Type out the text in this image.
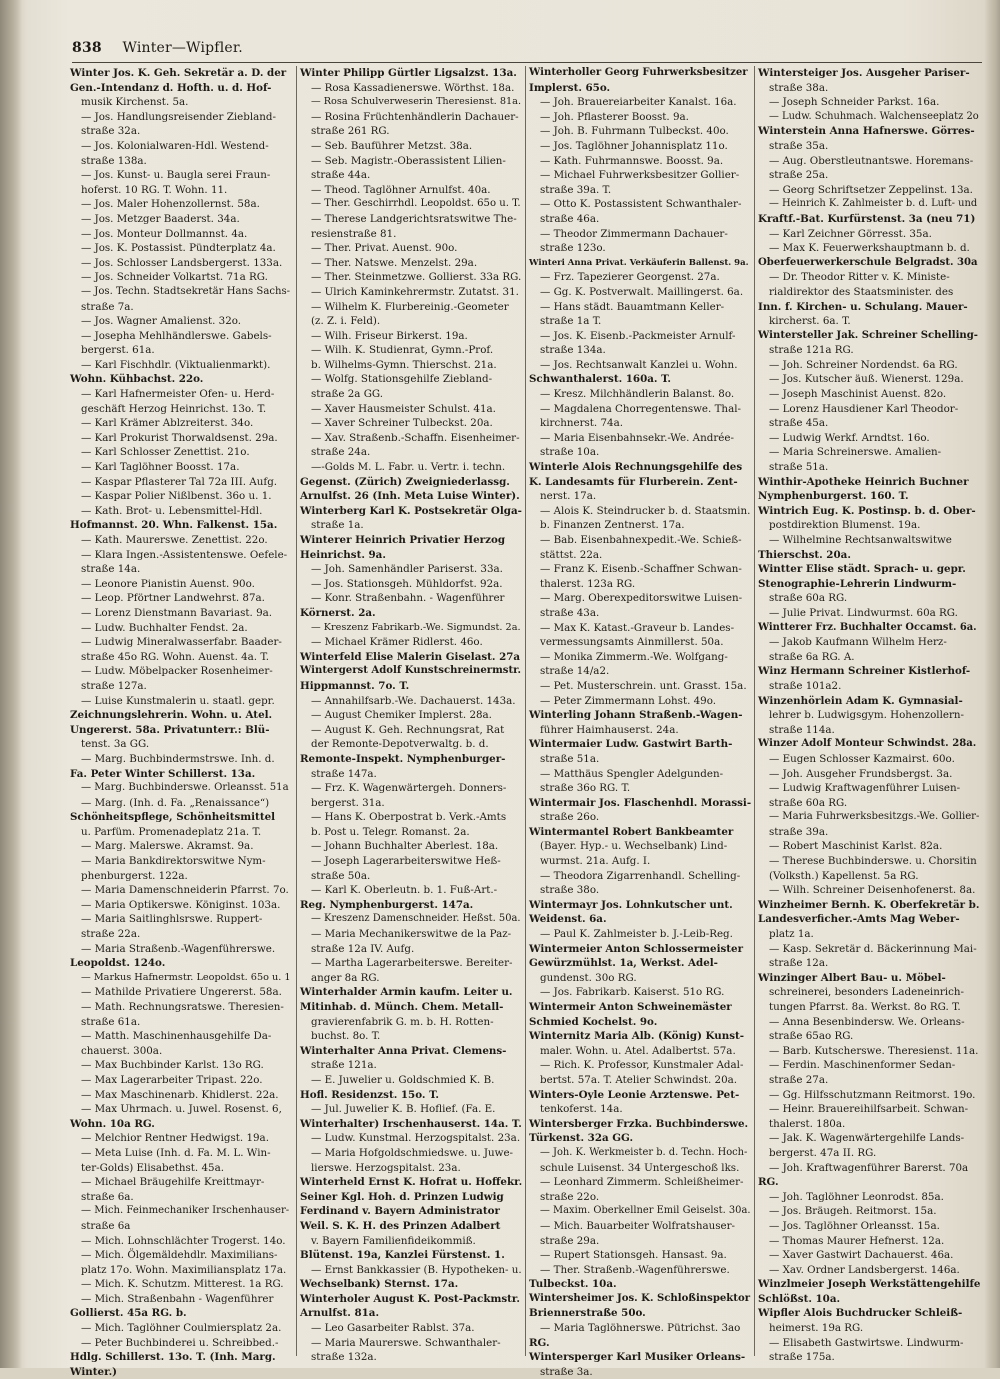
838 Winter—Wipfler.

Winter Jos. K. Geh. Sekretär a. D. der

Gen.-Intendanz d. Hofth. u. d. Hof-

musik Kirchenst. 5a.

— Jos. Handlungsreisender Ziebland-

straße 32a.

— Jos. Kolonialwaren-Hdl. Westend-

straße 138a.

— Jos. Kunst- u. Baugla serei Fraun-

hoferst. 10 RG. T. Wohn. 11.

— Jos. Maler Hohenzollernst. 58a.

— Jos. Metzger Baaderst. 34a.

— Jos. Monteur Dollmannst. 4a.

— Jos. K. Postassist. Pündterplatz 4a.

— Jos. Schlosser Landsbergerst. 133a.

— Jos. Schneider Volkartst. 71a RG.

— Jos. Techn. Stadtsekretär Hans Sachs-

straße 7a.

— Jos. Wagner Amalienst. 32o.

— Josepha Mehlhändlerswe. Gabels-

bergerst. 61a.

— Karl Fischhdlr. (Viktualienmarkt).

Wohn. Kühbachst. 22o.

— Karl Hafnermeister Ofen- u. Herd-

geschäft Herzog Heinrichst. 13o. T.

— Karl Krämer Ablzreiterst. 34o.

— Karl Prokurist Thorwaldsenst. 29a.

— Karl Schlosser Zenettist. 21o.

— Karl Taglöhner Boosst. 17a.

— Kaspar Pflasterer Tal 72a III. Aufg.

— Kaspar Polier Nißlbenst. 36o u. 1.

— Kath. Brot- u. Lebensmittel-Hdl.

Hofmannst. 20. Whn. Falkenst. 15a.

— Kath. Maurerswe. Zenettist. 22o.

— Klara Ingen.-Assistentenswe. Oefele-

straße 14a.

— Leonore Pianistin Auenst. 90o.

— Leop. Pförtner Landwehrst. 87a.

— Lorenz Dienstmann Bavariast. 9a.

— Ludw. Buchhalter Fendst. 2a.

— Ludwig Mineralwasserfabr. Baader-

straße 45o RG. Wohn. Auenst. 4a. T.

— Ludw. Möbelpacker Rosenheimer-

straße 127a.

— Luise Kunstmalerin u. staatl. gepr.

Zeichnungslehrerin. Wohn. u. Atel.

Ungererst. 58a. Privatunterr.: Blü-

tenst. 3a GG.

— Marg. Buchbindermstrswe. Inh. d.

Fa. Peter Winter Schillerst. 13a.

— Marg. Buchbinderswe. Orleansst. 51a

— Marg. (Inh. d. Fa. „Renaissance“)

Schönheitspflege, Schönheitsmittel

u. Parfüm. Promenadeplatz 21a. T.

— Marg. Malerswe. Akramst. 9a.

— Maria Bankdirektorswitwe Nym-

phenburgerst. 122a.

— Maria Damenschneiderin Pfarrst. 7o.

— Maria Optikerswe. Königinst. 103a.

— Maria Saitlinghlsrswe. Ruppert-

straße 22a.

— Maria Straßenb.-Wagenführerswe.

Leopoldst. 124o.

— Markus Hafnermstr. Leopoldst. 65o u. 1

— Mathilde Privatiere Ungererst. 58a.

— Math. Rechnungsratswe. Theresien-

straße 61a.

— Matth. Maschinenhausgehilfe Da-

chauerst. 300a.

— Max Buchbinder Karlst. 13o RG.

— Max Lagerarbeiter Tripast. 22o.

— Max Maschinenarb. Khidlerst. 22a.

— Max Uhrmach. u. Juwel. Rosenst. 6,

Wohn. 10a RG.

— Melchior Rentner Hedwigst. 19a.

— Meta Luise (Inh. d. Fa. M. L. Win-

ter-Golds) Elisabethst. 45a.

— Michael Bräugehilfe Kreittmayr-

straße 6a.

— Mich. Feinmechaniker Irschenhauser-

straße 6a

— Mich. Lohnschlächter Trogerst. 14o.

— Mich. Ölgemäldehdlr. Maximilians-

platz 17o. Wohn. Maximiliansplatz 17a.

— Mich. K. Schutzm. Mitterest. 1a RG.

— Mich. Straßenbahn - Wagenführer

Gollierst. 45a RG. b.

— Mich. Taglöhner Coulmiersplatz 2a.

— Peter Buchbinderei u. Schreibbed.-

Hdlg. Schillerst. 13o. T. (Inh. Marg.

Winter.)

Winter Philipp Gürtler Ligsalzst. 13a.

— Rosa Kassadienerswe. Wörthst. 18a.

— Rosa Schulverweserin Theresienst. 81a.

— Rosina Früchtenhändlerin Dachauer-

straße 261 RG.

— Seb. Bauführer Metzst. 38a.

— Seb. Magistr.-Oberassistent Lilien-

straße 44a.

— Theod. Taglöhner Arnulfst. 40a.

— Ther. Geschirrhdl. Leopoldst. 65o u. T.

— Therese Landgerichtsratswitwe The-

resienstraße 81.

— Ther. Privat. Auenst. 90o.

— Ther. Natswe. Menzelst. 29a.

— Ther. Steinmetzwe. Gollierst. 33a RG.

— Ulrich Kaminkehrermstr. Zutatst. 31.

— Wilhelm K. Flurbereinig.-Geometer

(z. Z. i. Feld).

— Wilh. Friseur Birkerst. 19a.

— Wilh. K. Studienrat, Gymn.-Prof.

b. Wilhelms-Gymn. Thierschst. 21a.

— Wolfg. Stationsgehilfe Ziebland-

straße 2a GG.

— Xaver Hausmeister Schulst. 41a.

— Xaver Schreiner Tulbeckst. 20a.

— Xav. Straßenb.-Schaffn. Eisenheimer-

straße 24a.

—-Golds M. L. Fabr. u. Vertr. i. techn.

Gegenst. (Zürich) Zweigniederlassg.

Arnulfst. 26 (Inh. Meta Luise Winter).

Winterberg Karl K. Postsekretär Olga-

straße 1a.

Winterer Heinrich Privatier Herzog

Heinrichst. 9a.

— Joh. Samenhändler Pariserst. 33a.

— Jos. Stationsgeh. Mühldorfst. 92a.

— Konr. Straßenbahn. - Wagenführer

Körnerst. 2a.

— Kreszenz Fabrikarb.-We. Sigmundst. 2a.

— Michael Krämer Ridlerst. 46o.

Winterfeld Elise Malerin Giselast. 27a

Wintergerst Adolf Kunstschreinermstr.

Hippmannst. 7o. T.

— Annahilfsarb.-We. Dachauerst. 143a.

— August Chemiker Implerst. 28a.

— August K. Geh. Rechnungsrat, Rat

der Remonte-Depotverwaltg. b. d.

Remonte-Inspekt. Nymphenburger-

straße 147a.

— Frz. K. Wagenwärtergeh. Donners-

bergerst. 31a.

— Hans K. Oberpostrat b. Verk.-Amts

b. Post u. Telegr. Romanst. 2a.

— Johann Buchhalter Aberlest. 18a.

— Joseph Lagerarbeiterswitwe Heß-

straße 50a.

— Karl K. Oberleutn. b. 1. Fuß-Art.-

Reg. Nymphenburgerst. 147a.

— Kreszenz Damenschneider. Heßst. 50a.

— Maria Mechanikerswitwe de la Paz-

straße 12a IV. Aufg.

— Martha Lagerarbeiterswe. Bereiter-

anger 8a RG.

Winterhalder Armin kaufm. Leiter u.

Mitinhab. d. Münch. Chem. Metall-

gravierenfabrik G. m. b. H. Rotten-

buchst. 8o. T.

Winterhalter Anna Privat. Clemens-

straße 121a.

— E. Juwelier u. Goldschmied K. B.

Hofl. Residenzst. 15o. T.

— Jul. Juwelier K. B. Hoflief. (Fa. E.

Winterhalter) Irschenhauserst. 14a. T.

— Ludw. Kunstmal. Herzogspitalst. 23a.

— Maria Hofgoldschmiedswe. u. Juwe-

lierswe. Herzogspitalst. 23a.

Winterheld Ernst K. Hofrat u. Hoffekr.

Seiner Kgl. Hoh. d. Prinzen Ludwig

Ferdinand v. Bayern Administrator

Weil. S. K. H. des Prinzen Adalbert

v. Bayern Familienfideikommiß.

Blütenst. 19a, Kanzlei Fürstenst. 1.

— Ernst Bankkassier (B. Hypotheken- u.

Wechselbank) Sternst. 17a.

Winterholer August K. Post-Packmstr.

Arnulfst. 81a.

— Leo Gasarbeiter Rablst. 37a.

— Maria Maurerswe. Schwanthaler-

straße 132a.

Winterholler Georg Fuhrwerksbesitzer

Implerst. 65o.

— Joh. Brauereiarbeiter Kanalst. 16a.

— Joh. Pflasterer Boosst. 9a.

— Joh. B. Fuhrmann Tulbeckst. 40o.

— Jos. Taglöhner Johannisplatz 11o.

— Kath. Fuhrmannswe. Boosst. 9a.

— Michael Fuhrwerksbesitzer Gollier-

straße 39a. T.

— Otto K. Postassistent Schwanthaler-

straße 46a.

— Theodor Zimmermann Dachauer-

straße 123o.

Winteri Anna Privat. Verkäuferin Ballenst. 9a.

— Frz. Tapezierer Georgenst. 27a.

— Gg. K. Postverwalt. Maillingerst. 6a.

— Hans städt. Bauamtmann Keller-

straße 1a T.

— Jos. K. Eisenb.-Packmeister Arnulf-

straße 134a.

— Jos. Rechtsanwalt Kanzlei u. Wohn.

Schwanthalerst. 160a. T.

— Kresz. Milchhändlerin Balanst. 8o.

— Magdalena Chorregentenswe. Thal-

kirchnerst. 74a.

— Maria Eisenbahnsekr.-We. Andrée-

straße 10a.

Winterle Alois Rechnungsgehilfe des

K. Landesamts für Flurberein. Zent-

nerst. 17a.

— Alois K. Steindrucker b. d. Staatsmin.

b. Finanzen Zentnerst. 17a.

— Bab. Eisenbahnexpedit.-We. Schieß-

stättst. 22a.

— Franz K. Eisenb.-Schaffner Schwan-

thalerst. 123a RG.

— Marg. Oberexpeditorswitwe Luisen-

straße 43a.

— Max K. Katast.-Graveur b. Landes-

vermessungsamts Ainmillerst. 50a.

— Monika Zimmerm.-We. Wolfgang-

straße 14/a2.

— Pet. Musterschrein. unt. Grasst. 15a.

— Peter Zimmermann Lohst. 49o.

Winterling Johann Straßenb.-Wagen-

führer Haimhauserst. 24a.

Wintermaier Ludw. Gastwirt Barth-

straße 51a.

— Matthäus Spengler Adelgunden-

straße 36o RG. T.

Wintermair Jos. Flaschenhdl. Morassi-

straße 26o.

Wintermantel Robert Bankbeamter

(Bayer. Hyp.- u. Wechselbank) Lind-

wurmst. 21a. Aufg. I.

— Theodora Zigarrenhandl. Schelling-

straße 38o.

Wintermayr Jos. Lohnkutscher unt.

Weidenst. 6a.

— Paul K. Zahlmeister b. J.-Leib-Reg.

Wintermeier Anton Schlossermeister

Gewürzmühlst. 1a, Werkst. Adel-

gundenst. 30o RG.

— Jos. Fabrikarb. Kaiserst. 51o RG.

Wintermeir Anton Schweinemäster

Schmied Kochelst. 9o.

Winternitz Maria Alb. (König) Kunst-

maler. Wohn. u. Atel. Adalbertst. 57a.

— Rich. K. Professor, Kunstmaler Adal-

bertst. 57a. T. Atelier Schwindst. 20a.

Winters-Oyle Leonie Arztenswe. Pet-

tenkoferst. 14a.

Wintersberger Frzka. Buchbinderswe.

Türkenst. 32a GG.

— Joh. K. Werkmeister b. d. Techn. Hoch-

schule Luisenst. 34 Untergeschoß lks.

— Leonhard Zimmerm. Schleißheimer-

straße 22o.

— Maxim. Oberkellner Emil Geiselst. 30a.

— Mich. Bauarbeiter Wolfratshauser-

straße 29a.

— Rupert Stationsgeh. Hansast. 9a.

— Ther. Straßenb.-Wagenführerswe.

Tulbeckst. 10a.

Wintersheimer Jos. K. Schloßinspektor

Briennerstraße 50o.

— Maria Taglöhnerswe. Pütrichst. 3ao

RG.

Wintersperger Karl Musiker Orleans-

straße 3a.

Wintersteiger Jos. Ausgeher Pariser-

straße 38a.

— Joseph Schneider Parkst. 16a.

— Ludw. Schuhmach. Walchenseeplatz 2o

Winterstein Anna Hafnerswe. Görres-

straße 35a.

— Aug. Oberstleutnantswe. Horemans-

straße 25a.

— Georg Schriftsetzer Zeppelinst. 13a.

— Heinrich K. Zahlmeister b. d. Luft- und

Kraftf.-Bat. Kurfürstenst. 3a (neu 71)

— Karl Zeichner Görresst. 35a.

— Max K. Feuerwerkshauptmann b. d.

Oberfeuerwerkerschule Belgradst. 30a

— Dr. Theodor Ritter v. K. Ministe-

rialdirektor des Staatsminister. des

Inn. f. Kirchen- u. Schulang. Mauer-

kircherst. 6a. T.

Wintersteller Jak. Schreiner Schelling-

straße 121a RG.

— Joh. Schreiner Nordendst. 6a RG.

— Jos. Kutscher äuß. Wienerst. 129a.

— Joseph Maschinist Auenst. 82o.

— Lorenz Hausdiener Karl Theodor-

straße 45a.

— Ludwig Werkf. Arndtst. 16o.

— Maria Schreinerswe. Amalien-

straße 51a.

Winthir-Apotheke Heinrich Buchner

Nymphenburgerst. 160. T.

Wintrich Eug. K. Postinsp. b. d. Ober-

postdirektion Blumenst. 19a.

— Wilhelmine Rechtsanwaltswitwe

Thierschst. 20a.

Wintter Elise städt. Sprach- u. gepr.

Stenographie-Lehrerin Lindwurm-

straße 60a RG.

— Julie Privat. Lindwurmst. 60a RG.

Wintterer Frz. Buchhalter Occamst. 6a.

— Jakob Kaufmann Wilhelm Herz-

straße 6a RG. A.

Winz Hermann Schreiner Kistlerhof-

straße 101a2.

Winzenhörlein Adam K. Gymnasial-

lehrer b. Ludwigsgym. Hohenzollern-

straße 114a.

Winzer Adolf Monteur Schwindst. 28a.

— Eugen Schlosser Kazmairst. 60o.

— Joh. Ausgeher Frundsbergst. 3a.

— Ludwig Kraftwagenführer Luisen-

straße 60a RG.

— Maria Fuhrwerksbesitzgs.-We. Gollier-

straße 39a.

— Robert Maschinist Karlst. 82a.

— Therese Buchbinderswe. u. Chorsitin

(Volksth.) Kapellenst. 5a RG.

— Wilh. Schreiner Deisenhofenerst. 8a.

Winzheimer Bernh. K. Oberfekretär b.

Landesverficher.-Amts Mag Weber-

platz 1a.

— Kasp. Sekretär d. Bäckerinnung Mai-

straße 12a.

Winzinger Albert Bau- u. Möbel-

schreinerei, besonders Ladeneinrich-

tungen Pfarrst. 8a. Werkst. 8o RG. T.

— Anna Besenbindersw. We. Orleans-

straße 65ao RG.

— Barb. Kutscherswe. Theresienst. 11a.

— Ferdin. Maschinenformer Sedan-

straße 27a.

— Gg. Hilfsschutzmann Reitmorst. 19o.

— Heinr. Brauereihilfsarbeit. Schwan-

thalerst. 180a.

— Jak. K. Wagenwärtergehilfe Lands-

bergerst. 47a II. RG.

— Joh. Kraftwagenführer Barerst. 70a

RG.

— Joh. Taglöhner Leonrodst. 85a.

— Jos. Bräugeh. Reitmorst. 15a.

— Jos. Taglöhner Orleansst. 15a.

— Thomas Maurer Hefnerst. 12a.

— Xaver Gastwirt Dachauerst. 46a.

— Xav. Ordner Landsbergerst. 146a.

Winzlmeier Joseph Werkstättengehilfe

Schlößst. 10a.

Wipfler Alois Buchdrucker Schleiß-

heimerst. 19a RG.

— Elisabeth Gastwirtswe. Lindwurm-

straße 175a.
